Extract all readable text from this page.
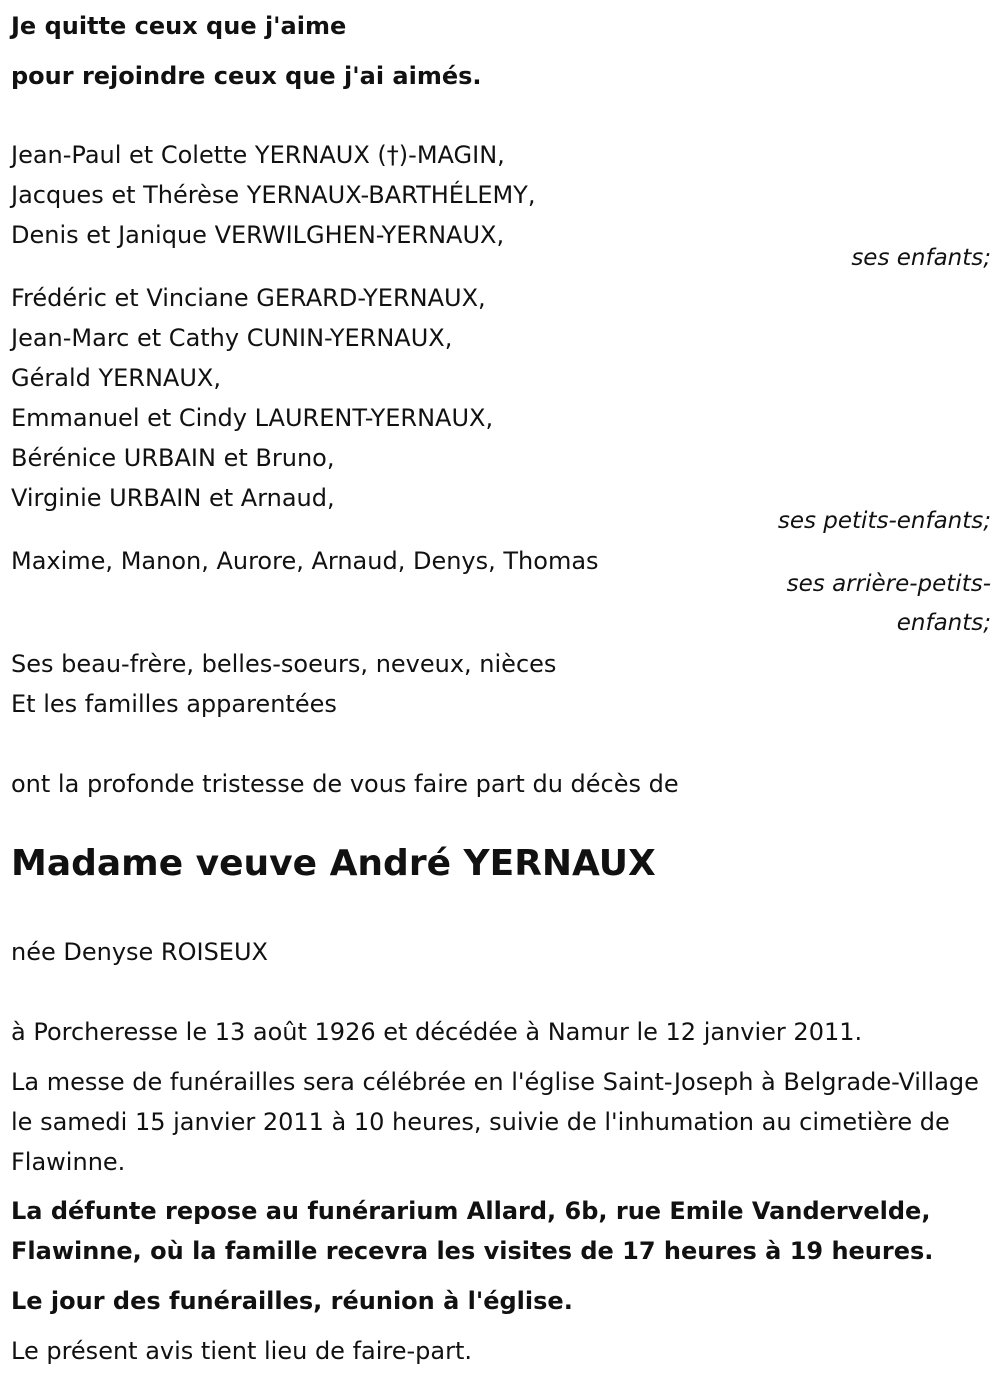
Je quitte ceux que j'aime

pour rejoindre ceux que j'ai aimés.

Jean-Paul et Colette YERNAUX (†)-MAGIN,

Jacques et Thérèse YERNAUX-BARTHÉLEMY,

Denis et Janique VERWILGHEN-YERNAUX,

ses enfants;

Frédéric et Vinciane GERARD-YERNAUX,

Jean-Marc et Cathy CUNIN-YERNAUX,

Gérald YERNAUX,

Emmanuel et Cindy LAURENT-YERNAUX,

Bérénice URBAIN et Bruno,

Virginie URBAIN et Arnaud,

ses petits-enfants;

Maxime, Manon, Aurore, Arnaud, Denys, Thomas

ses arrière-petits-

enfants;

Ses beau-frère, belles-soeurs, neveux, nièces

Et les familles apparentées

ont la profonde tristesse de vous faire part du décès de

Madame veuve André YERNAUX

née Denyse ROISEUX

à Porcheresse le 13 août 1926 et décédée à Namur le 12 janvier 2011.

La messe de funérailles sera célébrée en l'église Saint-Joseph à Belgrade-Village le samedi 15 janvier 2011 à 10 heures, suivie de l'inhumation au cimetière de Flawinne.

La défunte repose au funérarium Allard, 6b, rue Emile Vandervelde,

Flawinne, où la famille recevra les visites de 17 heures à 19 heures.

Le jour des funérailles, réunion à l'église.

Le présent avis tient lieu de faire-part.
